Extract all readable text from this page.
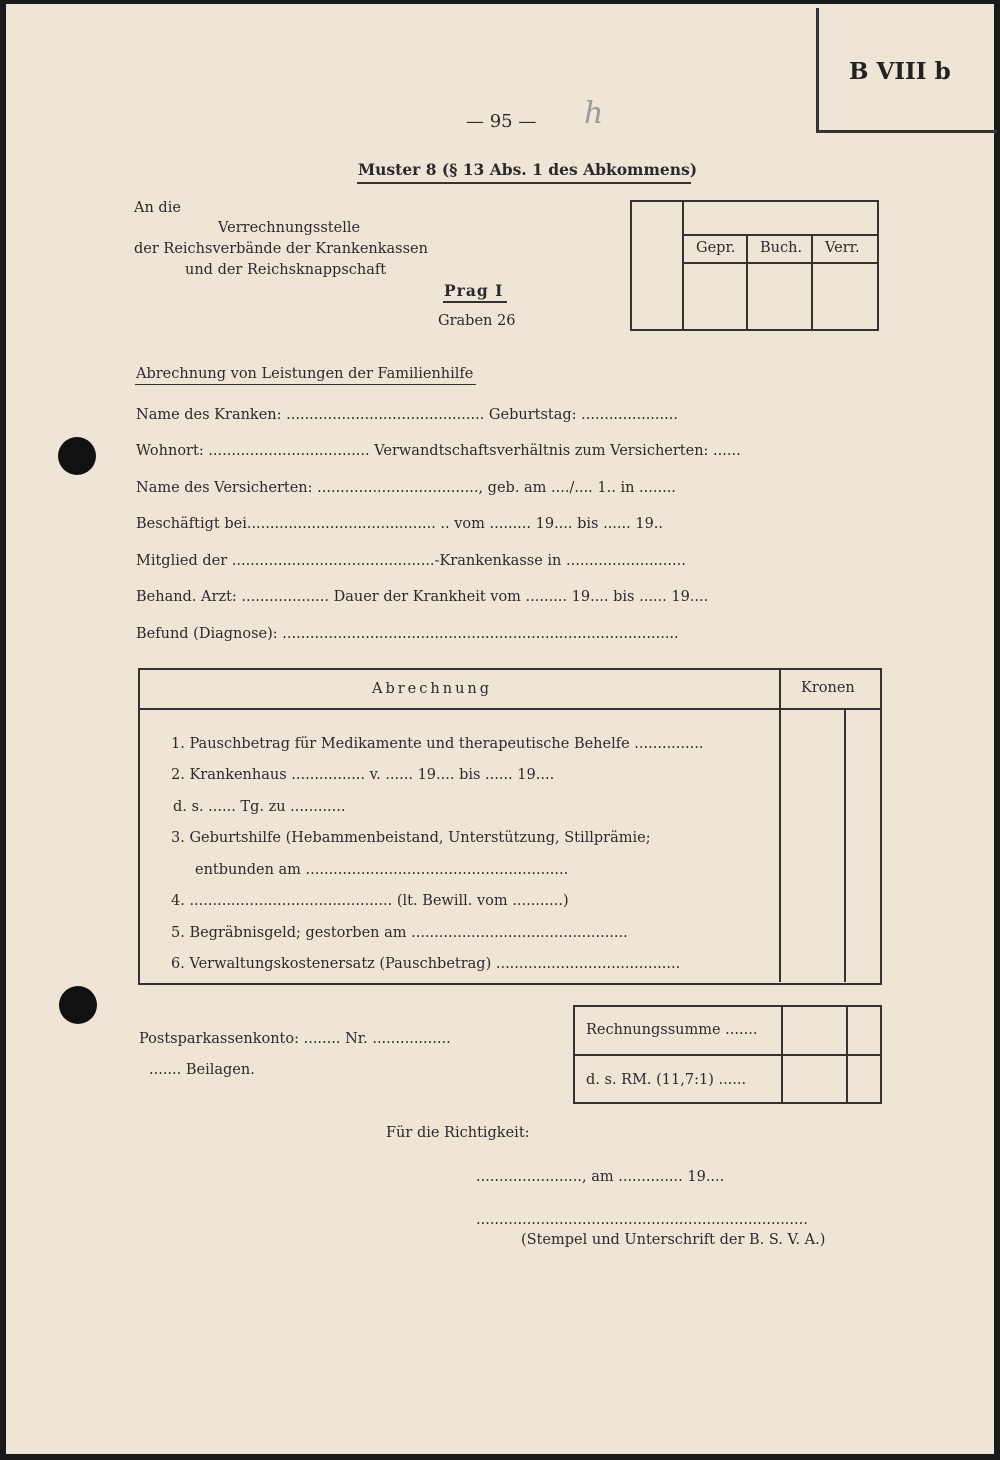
B VIII b
— 95 — h
Muster 8 (§ 13 Abs. 1 des Abkommens)
An die
Verrechnungsstelle
der Reichsverbände der Krankenkassen
und der Reichsknappschaft
Prag I
Graben 26
Gepr. Buch. Verr.
Abrechnung von Leistungen der Familienhilfe
Name des Kranken: ........................................... Geburtstag: .....................
Wohnort: ................................... Verwandtschaftsverhältnis zum Versicherten: ......
Name des Versicherten: ..................................., geb. am ..../.... 1.. in ........
Beschäftigt bei......................................... .. vom ......... 19.... bis ...... 19..
Mitglied der ............................................-Krankenkasse in ..........................
Behand. Arzt: ................... Dauer der Krankheit vom ......... 19.... bis ...... 19....
Befund (Diagnose): ......................................................................................
Abrechnung	Kronen
1. Pauschbetrag für Medikamente und therapeutische Behelfe ...............
2. Krankenhaus ................ v. ...... 19.... bis ...... 19....
d. s. ...... Tg. zu ............
3. Geburtshilfe (Hebammenbeistand, Unterstützung, Stillprämie;
entbunden am .........................................................
4. ............................................ (lt. Bewill. vom ...........)
5. Begräbnisgeld; gestorben am ...............................................
6. Verwaltungskostenersatz (Pauschbetrag) ........................................
Postsparkassenkonto: ........ Nr. .................
....... Beilagen.
Rechnungssumme .......
d. s. RM. (11,7:1) ......
Für die Richtigkeit:
......................., am .............. 19....
........................................................................
(Stempel und Unterschrift der B. S. V. A.)
